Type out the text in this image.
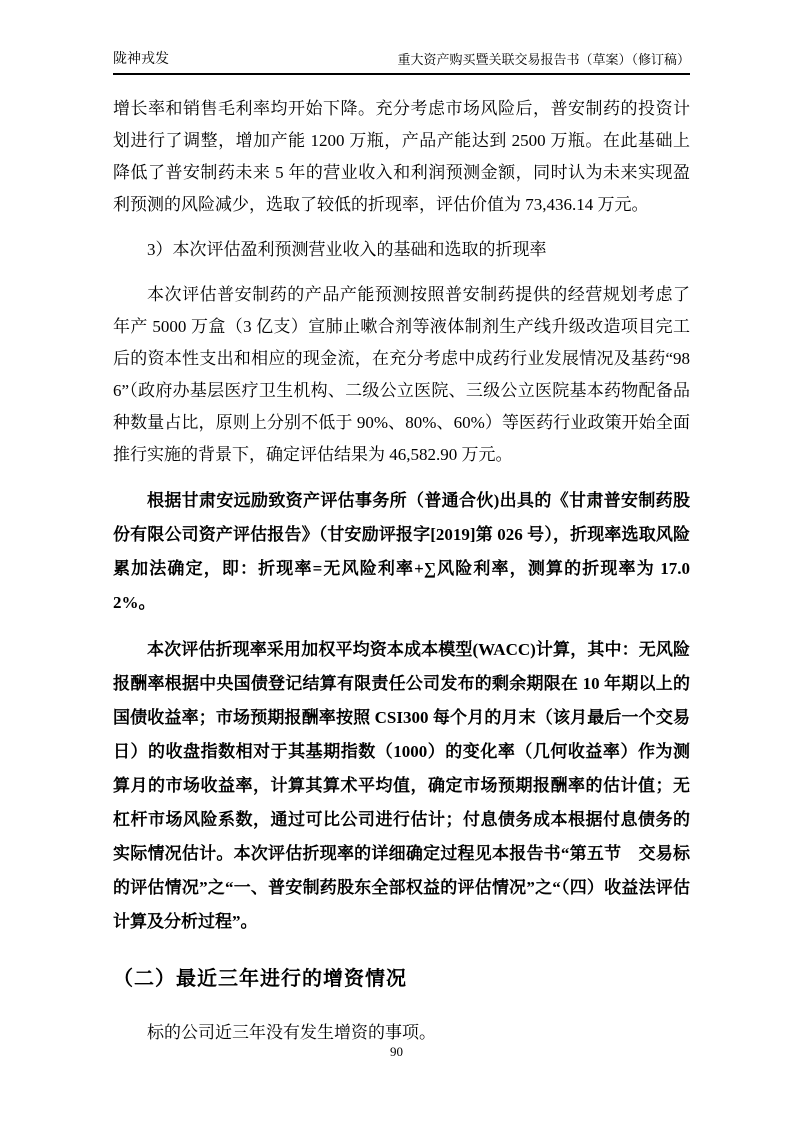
陇神戎发	重大资产购买暨关联交易报告书（草案）（修订稿）

增长率和销售毛利率均开始下降。充分考虑市场风险后，普安制药的投资计划进行了调整，增加产能 1200 万瓶，产品产能达到 2500 万瓶。在此基础上降低了普安制药未来 5 年的营业收入和利润预测金额，同时认为未来实现盈利预测的风险减少，选取了较低的折现率，评估价值为 73,436.14 万元。

3）本次评估盈利预测营业收入的基础和选取的折现率

本次评估普安制药的产品产能预测按照普安制药提供的经营规划考虑了年产 5000 万盒（3 亿支）宣肺止嗽合剂等液体制剂生产线升级改造项目完工后的资本性支出和相应的现金流，在充分考虑中成药行业发展情况及基药“986”（政府办基层医疗卫生机构、二级公立医院、三级公立医院基本药物配备品种数量占比，原则上分别不低于 90%、80%、60%）等医药行业政策开始全面推行实施的背景下，确定评估结果为 46,582.90 万元。

根据甘肃安远励致资产评估事务所（普通合伙)出具的《甘肃普安制药股份有限公司资产评估报告》（甘安励评报字[2019]第 026 号），折现率选取风险累加法确定，即：折现率=无风险利率+∑风险利率，测算的折现率为 17.02%。

本次评估折现率采用加权平均资本成本模型(WACC)计算，其中：无风险报酬率根据中央国债登记结算有限责任公司发布的剩余期限在 10 年期以上的国债收益率；市场预期报酬率按照 CSI300 每个月的月末（该月最后一个交易日）的收盘指数相对于其基期指数（1000）的变化率（几何收益率）作为测算月的市场收益率，计算其算术平均值，确定市场预期报酬率的估计值；无杠杆市场风险系数，通过可比公司进行估计；付息债务成本根据付息债务的实际情况估计。本次评估折现率的详细确定过程见本报告书“第五节　交易标的评估情况”之“一、普安制药股东全部权益的评估情况”之“（四）收益法评估计算及分析过程”。

（二）最近三年进行的增资情况

标的公司近三年没有发生增资的事项。

90
